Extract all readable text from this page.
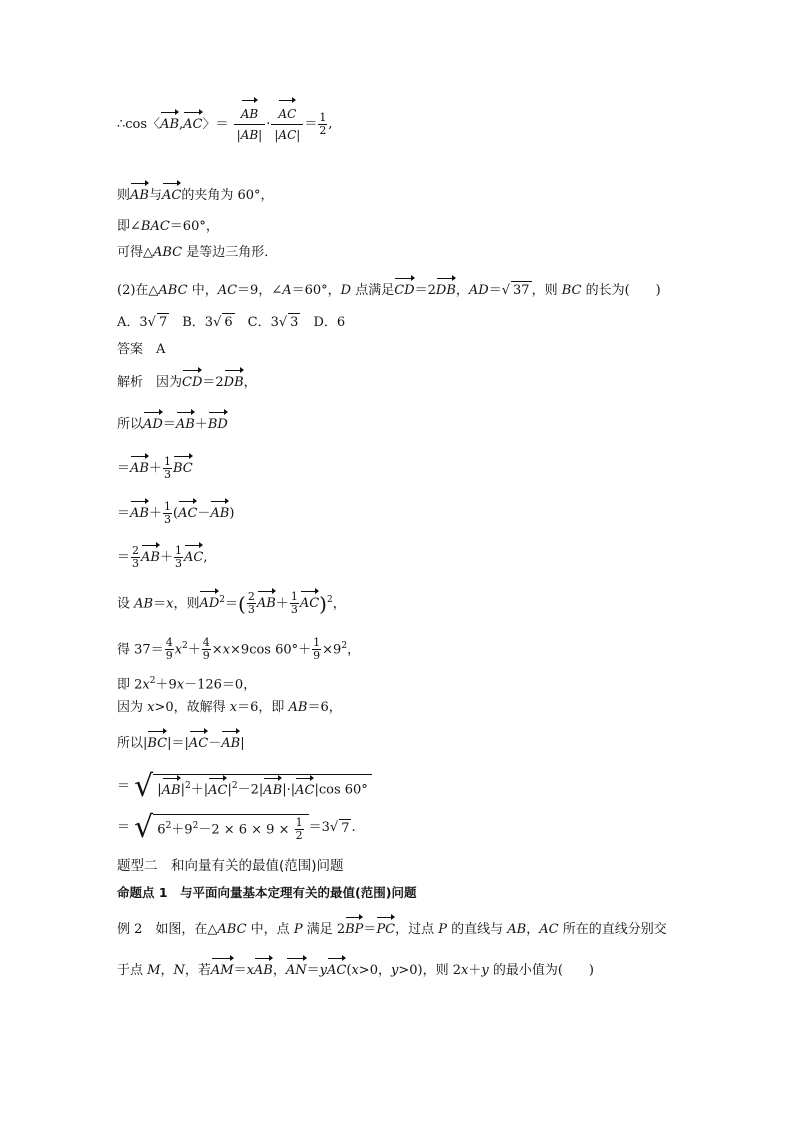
∴cos〈AB,AC〉＝ $\frac{AB}{|AB|} \cdot \frac{AC}{|AC|} = \frac{1}{2}$ ,
则AB与AC的夹角为 60°，
即∠BAC＝60°，
可得△ABC 是等边三角形．
(2)在△ABC 中，AC＝9，∠A＝60°，D 点满足CD＝2DB，AD＝√ 37 ，则 BC 的长为(　　)
A．3√ 7　B．3√ 6　C．3√ 3　D．6
答案　A
解析　因为CD＝2DB，
所以AD＝AB＋BD
$=AB+ \frac{1}{3}$ BC
$=AB+ \frac{1}{3} (AC-AB)$
＝ $\frac{2}{3} AB+ \frac{1}{3}$ AC,
设 AB＝x，则$AD^2=( \frac{2}{3} AB+ \frac{1}{3} AC)^2$，
得 $37= \frac{4}{9} x^2+ \frac{4}{9} \times x\times 9\cos$ $60^\circ+ \frac{1}{9} \times 9^2$，
即 $2x^2+9x-126=0$，
因为 x>0，故解得 x＝6，即 AB＝6，
所以|BC|＝|AC－AB|
＝ √ $|AB|^2+|AC|^2-2|AB|\cdot|AC|\cos$ 60°
＝ √ $6^2+9^2-2 \times 6 \times 9 \times \frac{1}{2} =3√$ 7 .
题型二　和向量有关的最值(范围)问题
命题点 1　与平面向量基本定理有关的最值(范围)问题
例 2　如图，在△ABC 中，点 P 满足 2BP＝PC，过点 P 的直线与 AB，AC 所在的直线分别交
于点 M，N，若AM＝xAB，AN＝yAC(x>0，y>0)，则 2x＋y 的最小值为(　　)
